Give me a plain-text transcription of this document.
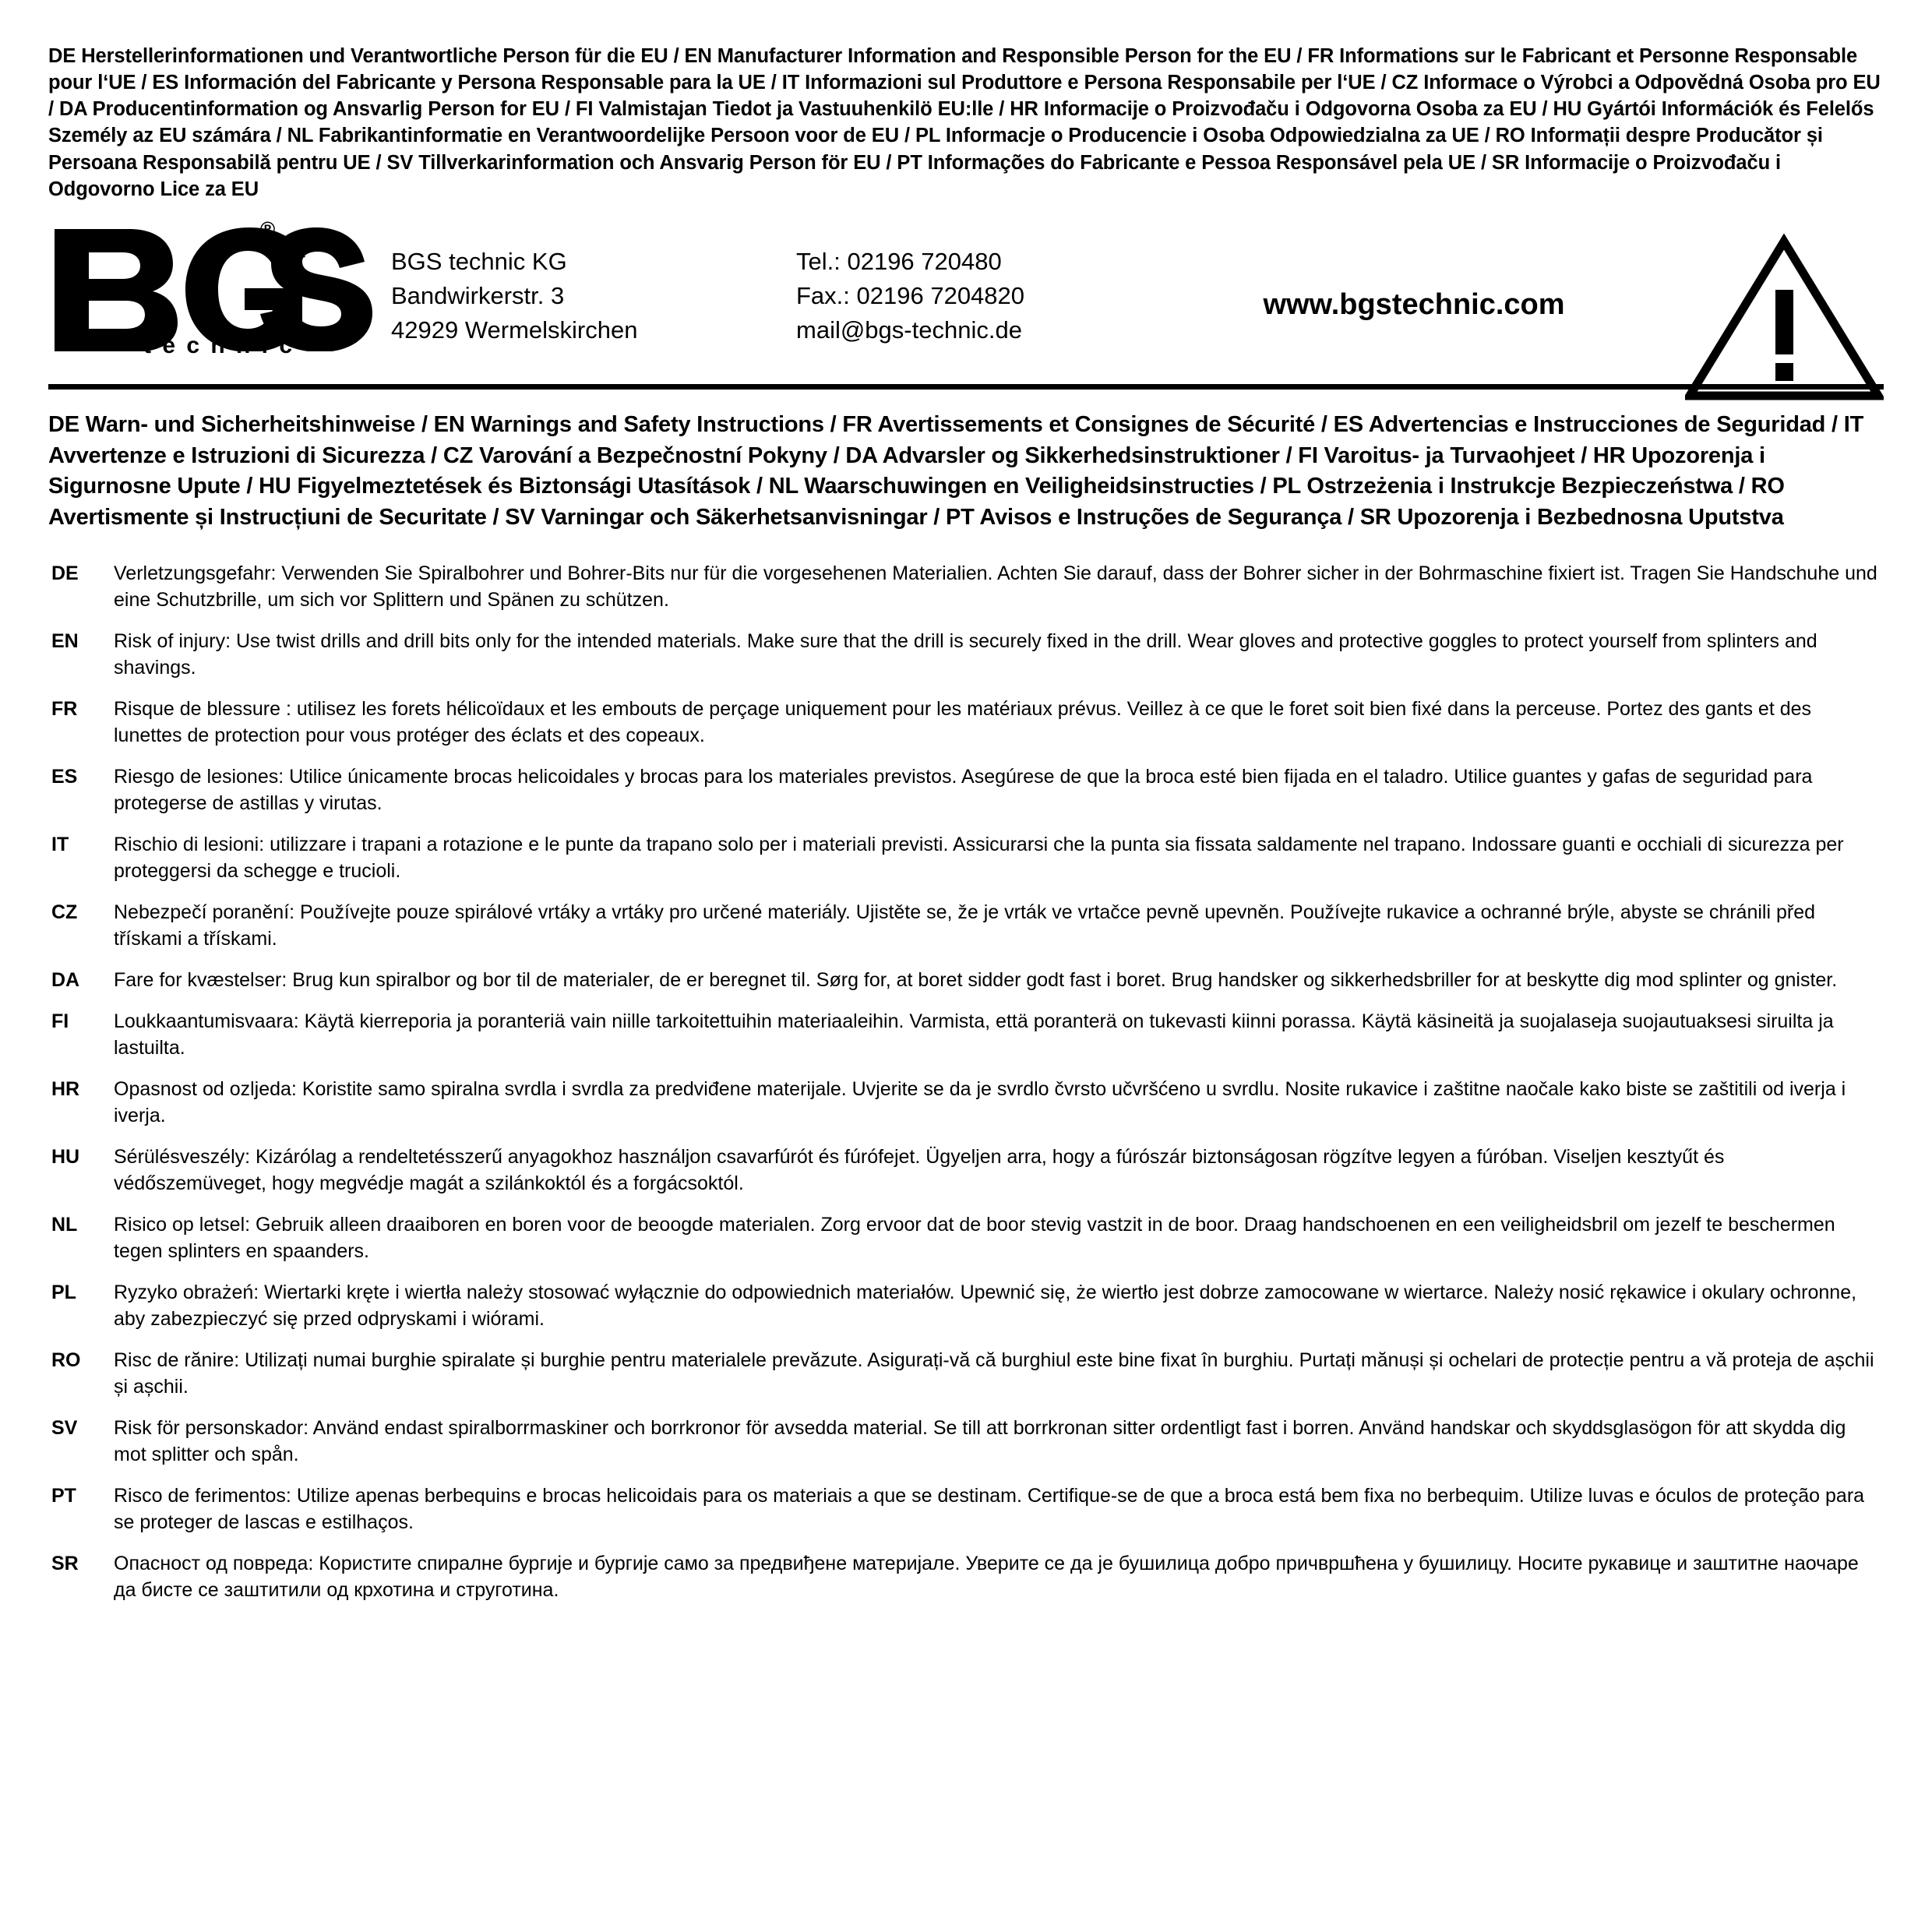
DE Herstellerinformationen und Verantwortliche Person für die EU / EN Manufacturer Information and Responsible Person for the EU / FR Informations sur le Fabricant et Personne Responsable pour l‘UE / ES Información del Fabricante y Persona Responsable para la UE / IT Informazioni sul Produttore e Persona Responsabile per l‘UE / CZ Informace o Výrobci a Odpovědná Osoba pro EU / DA Producentinformation og Ansvarlig Person for EU / FI Valmistajan Tiedot ja Vastuuhenkilö EU:lle / HR Informacije o Proizvođaču i Odgovorna Osoba za EU / HU Gyártói Információk és Felelős Személy az EU számára / NL Fabrikantinformatie en Verantwoordelijke Persoon voor de EU / PL Informacje o Producencie i Osoba Odpowiedzialna za UE / RO Informații despre Producător și Persoana Responsabilă pentru UE / SV Tillverkarinformation och Ansvarig Person för EU / PT Informações do Fabricante e Pessoa Responsável pela UE / SR Informacije o Proizvođaču i Odgovorno Lice za EU

®
t e c h n i c
BGS technic KG
Bandwirkerstr. 3
42929 Wermelskirchen
Tel.: 02196 720480
Fax.: 02196 7204820
mail@bgs-technic.de
www.bgstechnic.com

DE Warn- und Sicherheitshinweise / EN Warnings and Safety Instructions / FR Avertissements et Consignes de Sécurité / ES Advertencias e Instrucciones de Seguridad / IT Avvertenze e Istruzioni di Sicurezza / CZ Varování a Bezpečnostní Pokyny / DA Advarsler og Sikkerhedsinstruktioner / FI Varoitus- ja Turvaohjeet / HR Upozorenja i Sigurnosne Upute / HU Figyelmeztetések és Biztonsági Utasítások / NL Waarschuwingen en Veiligheidsinstructies / PL Ostrzeżenia i Instrukcje Bezpieczeństwa / RO Avertismente și Instrucțiuni de Securitate / SV Varningar och Säkerhetsanvisningar / PT Avisos e Instruções de Segurança / SR Upozorenja i Bezbednosna Uputstva

DE	Verletzungsgefahr: Verwenden Sie Spiralbohrer und Bohrer-Bits nur für die vorgesehenen Materialien. Achten Sie darauf, dass der Bohrer sicher in der Bohrmaschine fixiert ist. Tragen Sie Handschuhe und eine Schutzbrille, um sich vor Splittern und Spänen zu schützen.
EN	Risk of injury: Use twist drills and drill bits only for the intended materials. Make sure that the drill is securely fixed in the drill. Wear gloves and protective goggles to protect yourself from splinters and shavings.
FR	Risque de blessure : utilisez les forets hélicoïdaux et les embouts de perçage uniquement pour les matériaux prévus. Veillez à ce que le foret soit bien fixé dans la perceuse. Portez des gants et des lunettes de protection pour vous protéger des éclats et des copeaux.
ES	Riesgo de lesiones: Utilice únicamente brocas helicoidales y brocas para los materiales previstos. Asegúrese de que la broca esté bien fijada en el taladro. Utilice guantes y gafas de seguridad para protegerse de astillas y virutas.
IT	Rischio di lesioni: utilizzare i trapani a rotazione e le punte da trapano solo per i materiali previsti. Assicurarsi che la punta sia fissata saldamente nel trapano. Indossare guanti e occhiali di sicurezza per proteggersi da schegge e trucioli.
CZ	Nebezpečí poranění: Používejte pouze spirálové vrtáky a vrtáky pro určené materiály. Ujistěte se, že je vrták ve vrtačce pevně upevněn. Používejte rukavice a ochranné brýle, abyste se chránili před třískami a třískami.
DA	Fare for kvæstelser: Brug kun spiralbor og bor til de materialer, de er beregnet til. Sørg for, at boret sidder godt fast i boret. Brug handsker og sikkerhedsbriller for at beskytte dig mod splinter og gnister.
FI	Loukkaantumisvaara: Käytä kierreporia ja poranteriä vain niille tarkoitettuihin materiaaleihin. Varmista, että poranterä on tukevasti kiinni porassa. Käytä käsineitä ja suojalaseja suojautuaksesi siruilta ja lastuilta.
HR	Opasnost od ozljeda: Koristite samo spiralna svrdla i svrdla za predviđene materijale. Uvjerite se da je svrdlo čvrsto učvršćeno u svrdlu. Nosite rukavice i zaštitne naočale kako biste se zaštitili od iverja i iverja.
HU	Sérülésveszély: Kizárólag a rendeltetésszerű anyagokhoz használjon csavarfúrót és fúrófejet. Ügyeljen arra, hogy a fúrószár biztonságosan rögzítve legyen a fúróban. Viseljen kesztyűt és védőszemüveget, hogy megvédje magát a szilánkoktól és a forgácsoktól.
NL	Risico op letsel: Gebruik alleen draaiboren en boren voor de beoogde materialen. Zorg ervoor dat de boor stevig vastzit in de boor. Draag handschoenen en een veiligheidsbril om jezelf te beschermen tegen splinters en spaanders.
PL	Ryzyko obrażeń: Wiertarki kręte i wiertła należy stosować wyłącznie do odpowiednich materiałów. Upewnić się, że wiertło jest dobrze zamocowane w wiertarce. Należy nosić rękawice i okulary ochronne, aby zabezpieczyć się przed odpryskami i wiórami.
RO	Risc de rănire: Utilizați numai burghie spiralate și burghie pentru materialele prevăzute. Asigurați-vă că burghiul este bine fixat în burghiu. Purtați mănuși și ochelari de protecție pentru a vă proteja de așchii și așchii.
SV	Risk för personskador: Använd endast spiralborrmaskiner och borrkronor för avsedda material. Se till att borrkronan sitter ordentligt fast i borren. Använd handskar och skyddsglasögon för att skydda dig mot splitter och spån.
PT	Risco de ferimentos: Utilize apenas berbequins e brocas helicoidais para os materiais a que se destinam. Certifique-se de que a broca está bem fixa no berbequim. Utilize luvas e óculos de proteção para se proteger de lascas e estilhaços.
SR	Опасност од повреда: Користите спиралне бургије и бургије само за предвиђене материјале. Уверите се да је бушилица добро причвршћена у бушилицу. Носите рукавице и заштитне наочаре да бисте се заштитили од крхотина и струготина.
